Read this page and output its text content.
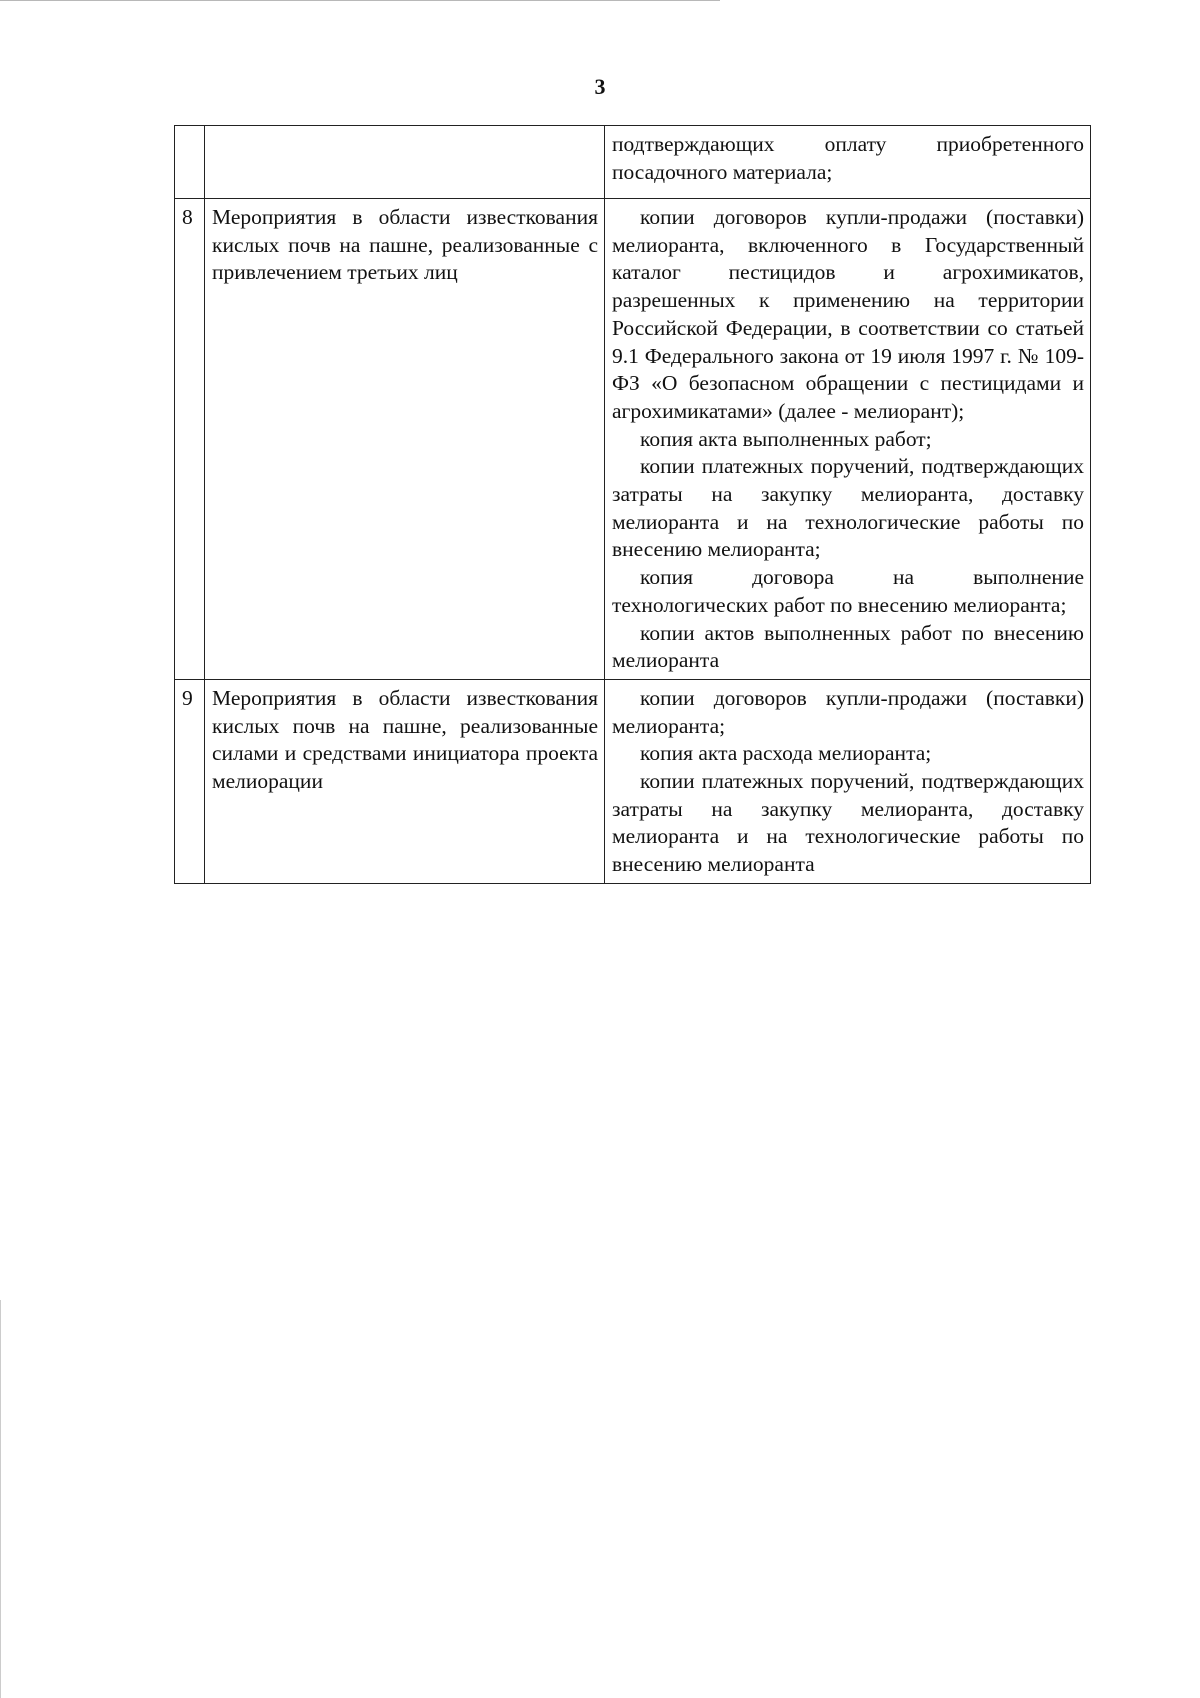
3

		подтверждающих оплату приобретенного посадочного материала;

8	Мероприятия в области известкования кислых почв на пашне, реализованные с привлечением третьих лиц	копии договоров купли-продажи (поставки) мелиоранта, включенного в Государственный каталог пестицидов и агрохимикатов, разрешенных к применению на территории Российской Федерации, в соответствии со статьей 9.1 Федерального закона от 19 июля 1997 г. № 109-ФЗ «О безопасном обращении с пестицидами и агрохимикатами» (далее - мелиорант);
копия акта выполненных работ;
копии платежных поручений, подтверждающих затраты на закупку мелиоранта, доставку мелиоранта и на технологические работы по внесению мелиоранта;
копия договора на выполнение технологических работ по внесению мелиоранта;
копии актов выполненных работ по внесению мелиоранта

9	Мероприятия в области известкования кислых почв на пашне, реализованные силами и средствами инициатора проекта мелиорации	копии договоров купли-продажи (поставки) мелиоранта;
копия акта расхода мелиоранта;
копии платежных поручений, подтверждающих затраты на закупку мелиоранта, доставку мелиоранта и на технологические работы по внесению мелиоранта
